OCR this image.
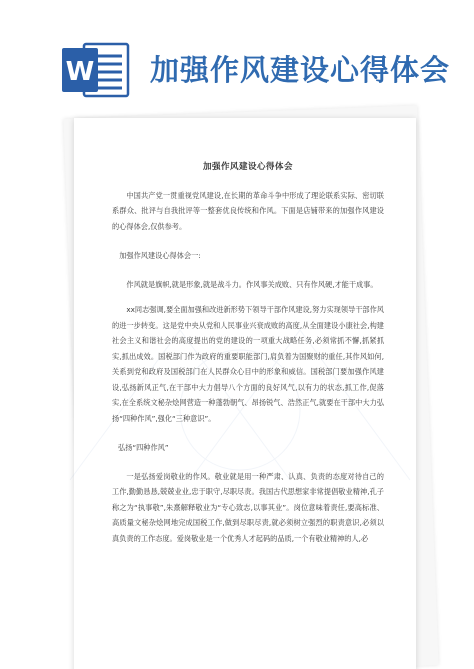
W 加强作风建设心得体会
加强作风建设心得体会

中国共产党一贯重视党风建设,在长期的革命斗争中形成了理论联系实际、密切联系群众、批评与自我批评等一整套优良传统和作风。下面是店铺带来的加强作风建设的心得体会,仅供参考。

加强作风建设心得体会一:

作风就是旗帜,就是形象,就是战斗力。作风事关成败、只有作风硬,才能干成事。

xx同志强调,要全面加强和改进新形势下领导干部作风建设,努力实现领导干部作风的进一步转变。这是党中央从党和人民事业兴衰成败的高度,从全面建设小康社会,构建社会主义和谐社会的高度提出的党的建设的一项重大战略任务,必须常抓不懈,抓紧抓实,抓出成效。国税部门作为政府的重要职能部门,肩负着为国聚财的重任,其作风如何,关系到党和政府及国税部门在人民群众心目中的形象和威信。国税部门要加强作风建设,弘扬新风正气,在干部中大力倡导八个方面的良好风气,以有力的状态,抓工作,促落实,在全系统文秘杂烩网营造一种蓬勃朝气、昂扬锐气、浩然正气,就要在干部中大力弘扬“四种作风”,强化“三种意识”。

弘扬“四种作风”

一是弘扬爱岗敬业的作风。敬业就是用一种严肃、认真、负责的态度对待自己的工作,勤勤恳恳,兢兢业业,忠于职守,尽职尽责。我国古代思想家非常提倡敬业精神,孔子称之为“执事敬”,朱熹解释敬业为“专心致志,以事其业”。岗位意味着责任,要高标准、高质量文秘杂烩网地完成国税工作,做到尽职尽责,就必须树立强烈的职责意识,必须以真负责的工作态度。爱岗敬业是一个优秀人才起码的品质,一个有敬业精神的人,必
